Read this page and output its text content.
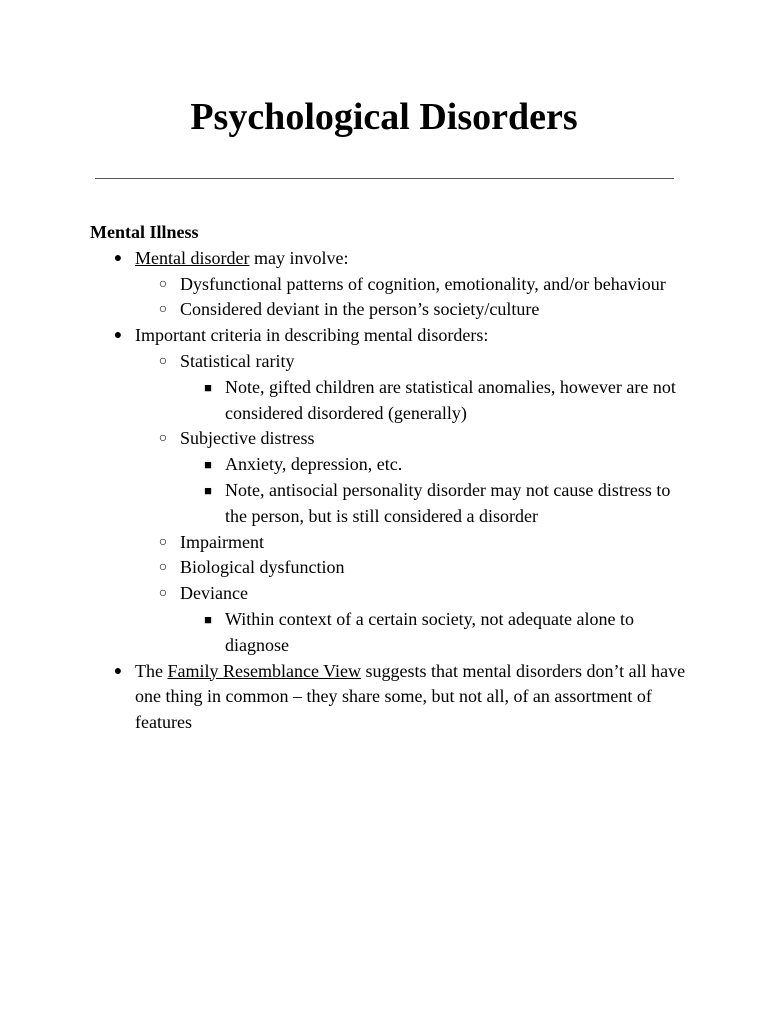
Psychological Disorders

Mental Illness

● Mental disorder may involve:
○ Dysfunctional patterns of cognition, emotionality, and/or behaviour
○ Considered deviant in the person’s society/culture
● Important criteria in describing mental disorders:
○ Statistical rarity
■ Note, gifted children are statistical anomalies, however are not considered disordered (generally)
○ Subjective distress
■ Anxiety, depression, etc.
■ Note, antisocial personality disorder may not cause distress to the person, but is still considered a disorder
○ Impairment
○ Biological dysfunction
○ Deviance
■ Within context of a certain society, not adequate alone to diagnose
● The Family Resemblance View suggests that mental disorders don’t all have one thing in common – they share some, but not all, of an assortment of features
